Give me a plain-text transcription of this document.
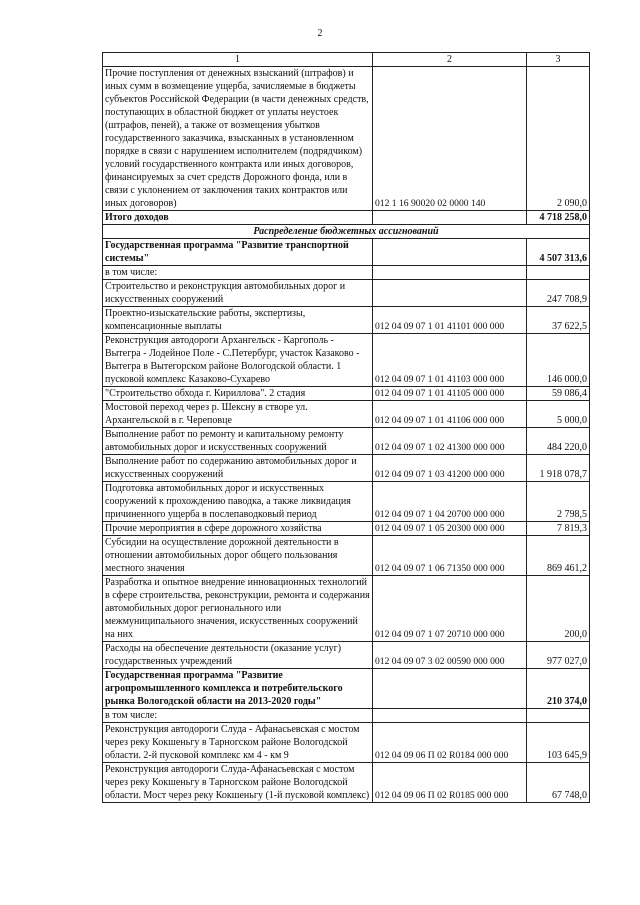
2
1	2	3
Прочие поступления от денежных взысканий (штрафов) и иных сумм в возмещение ущерба, зачисляемые в бюджеты субъектов Российской Федерации (в части денежных средств, поступающих в областной бюджет от уплаты неустоек (штрафов, пеней), а также от возмещения убытков государственного заказчика, взысканных в установленном порядке в связи с нарушением исполнителем (подрядчиком) условий государственного контракта или иных договоров, финансируемых за счет средств Дорожного фонда, или в связи с уклонением от заключения таких контрактов или иных договоров)	012 1 16 90020 02 0000 140	2 090,0
Итого доходов		4 718 258,0
Распределение бюджетных ассигнований		
Государственная программа "Развитие транспортной системы"		4 507 313,6
в том числе:		
Строительство и реконструкция автомобильных дорог и искусственных сооружений		247 708,9
Проектно-изыскательские работы, экспертизы, компенсационные выплаты	012 04 09 07 1 01 41101 000 000	37 622,5
Реконструкция автодороги Архангельск - Каргополь - Вытегра - Лодейное Поле - С.Петербург, участок Казаково - Вытегра в Вытегорском районе Вологодской области. 1 пусковой комплекс Казаково-Сухарево	012 04 09 07 1 01 41103 000 000	146 000,0
"Строительство обхода г. Кириллова". 2 стадия	012 04 09 07 1 01 41105 000 000	59 086,4
Мостовой переход через р. Шексну в створе ул. Архангельской в г. Череповце	012 04 09 07 1 01 41106 000 000	5 000,0
Выполнение работ по ремонту и капитальному ремонту автомобильных дорог и искусственных сооружений	012 04 09 07 1 02 41300 000 000	484 220,0
Выполнение работ по содержанию автомобильных дорог и искусственных сооружений	012 04 09 07 1 03 41200 000 000	1 918 078,7
Подготовка автомобильных дорог и искусственных сооружений к прохождению паводка, а также ликвидация причиненного ущерба в послепаводковый период	012 04 09 07 1 04 20700 000 000	2 798,5
Прочие мероприятия в сфере дорожного хозяйства	012 04 09 07 1 05 20300 000 000	7 819,3
Субсидии на осуществление дорожной деятельности в отношении автомобильных дорог общего пользования местного значения	012 04 09 07 1 06 71350 000 000	869 461,2
Разработка и опытное внедрение инновационных технологий в сфере строительства, реконструкции, ремонта и содержания автомобильных дорог регионального или межмуниципального значения, искусственных сооружений на них	012 04 09 07 1 07 20710 000 000	200,0
Расходы на обеспечение деятельности (оказание услуг) государственных учреждений	012 04 09 07 3 02 00590 000 000	977 027,0
Государственная программа "Развитие агропромышленного комплекса и потребительского рынка Вологодской области на 2013-2020 годы"		210 374,0
в том числе:		
Реконструкция автодороги Слуда - Афанасьевская с мостом через реку Кокшеньгу в Тарногском районе Вологодской области. 2-й пусковой комплекс км 4 - км 9	012 04 09 06 П 02 R0184 000 000	103 645,9
Реконструкция автодороги Слуда-Афанасьевская с мостом через реку Кокшеньгу в Тарногском районе Вологодской области. Мост через реку Кокшеньгу (1-й пусковой комплекс)	012 04 09 06 П 02 R0185 000 000	67 748,0
